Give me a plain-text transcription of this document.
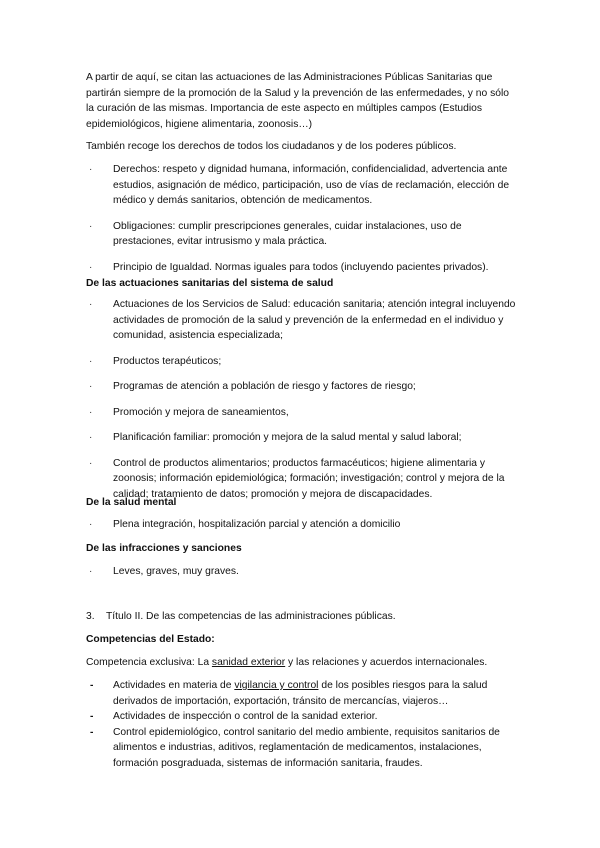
A partir de aquí, se citan las actuaciones de las Administraciones Públicas Sanitarias que partirán siempre de la promoción de la Salud y la prevención de las enfermedades, y no sólo la curación de las mismas. Importancia de este aspecto en múltiples campos (Estudios epidemiológicos, higiene alimentaria, zoonosis…)

También recoge los derechos de todos los ciudadanos y de los poderes públicos.

· Derechos: respeto y dignidad humana, información, confidencialidad, advertencia ante estudios, asignación de médico, participación, uso de vías de reclamación, elección de médico y demás sanitarios, obtención de medicamentos.
· Obligaciones: cumplir prescripciones generales, cuidar instalaciones, uso de prestaciones, evitar intrusismo y mala práctica.
· Principio de Igualdad. Normas iguales para todos (incluyendo pacientes privados).

De las actuaciones sanitarias del sistema de salud

· Actuaciones de los Servicios de Salud: educación sanitaria; atención integral incluyendo actividades de promoción de la salud y prevención de la enfermedad en el individuo y comunidad, asistencia especializada;
· Productos terapéuticos;
· Programas de atención a población de riesgo y factores de riesgo;
· Promoción y mejora de saneamientos,
· Planificación familiar: promoción y mejora de la salud mental y salud laboral;
· Control de productos alimentarios; productos farmacéuticos; higiene alimentaria y zoonosis; información epidemiológica; formación; investigación; control y mejora de la calidad; tratamiento de datos; promoción y mejora de discapacidades.

De la salud mental

· Plena integración, hospitalización parcial y atención a domicilio

De las infracciones y sanciones

· Leves, graves, muy graves.
3. Título II. De las competencias de las administraciones públicas.

Competencias del Estado:

Competencia exclusiva: La sanidad exterior y las relaciones y acuerdos internacionales.

- Actividades en materia de vigilancia y control de los posibles riesgos para la salud derivados de importación, exportación, tránsito de mercancías, viajeros…
- Actividades de inspección o control de la sanidad exterior.
- Control epidemiológico, control sanitario del medio ambiente, requisitos sanitarios de alimentos e industrias, aditivos, reglamentación de medicamentos, instalaciones, formación posgraduada, sistemas de información sanitaria, fraudes.
